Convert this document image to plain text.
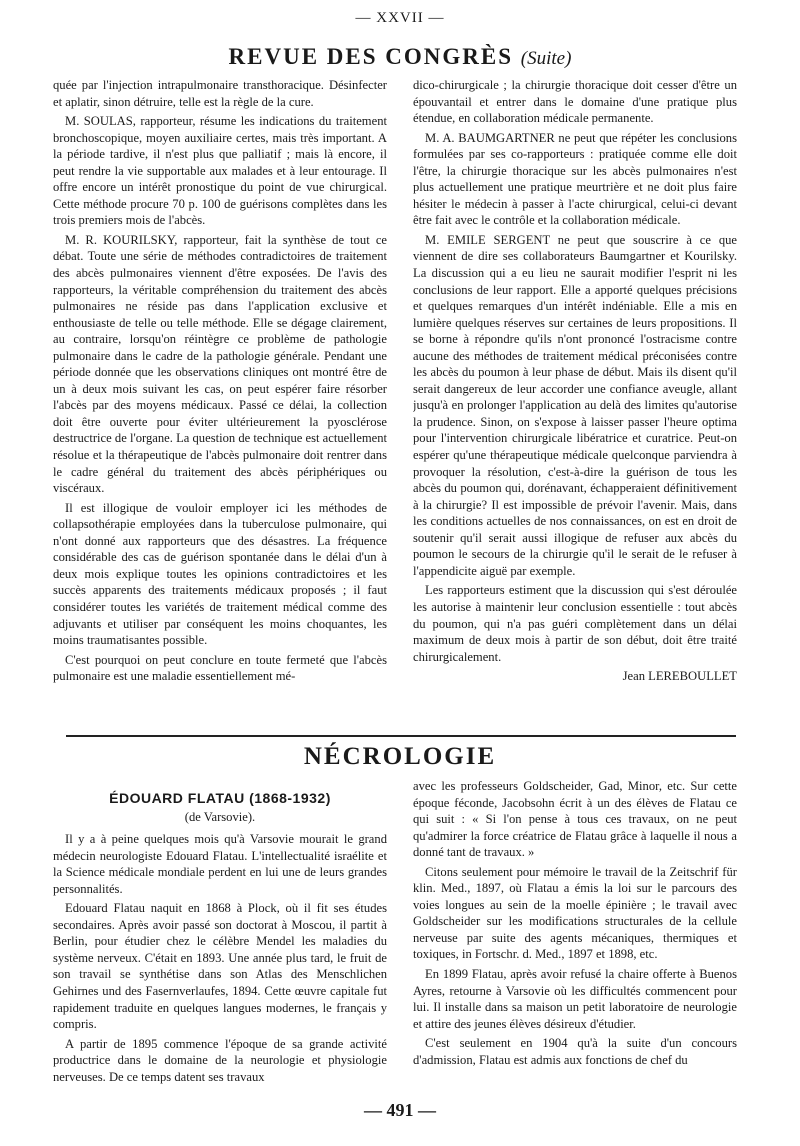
— XXVII —
REVUE DES CONGRÈS (Suite)

quée par l'injection intrapulmonaire transthoracique. Désinfecter et aplatir, sinon détruire, telle est la règle de la cure.

M. SOULAS, rapporteur, résume les indications du traitement bronchoscopique, moyen auxiliaire certes, mais très important. A la période tardive, il n'est plus que palliatif ; mais là encore, il peut rendre la vie supportable aux malades et à leur entourage. Il offre encore un intérêt pronostique du point de vue chirurgical. Cette méthode procure 70 p. 100 de guérisons complètes dans les trois premiers mois de l'abcès.

M. R. KOURILSKY, rapporteur, fait la synthèse de tout ce débat. Toute une série de méthodes contradictoires de traitement des abcès pulmonaires viennent d'être exposées. De l'avis des rapporteurs, la véritable compréhension du traitement des abcès pulmonaires ne réside pas dans l'application exclusive et enthousiaste de telle ou telle méthode. Elle se dégage clairement, au contraire, lorsqu'on réintègre ce problème de pathologie pulmonaire dans le cadre de la pathologie générale. Pendant une période donnée que les observations cliniques ont montré être de un à deux mois suivant les cas, on peut espérer faire résorber l'abcès par des moyens médicaux. Passé ce délai, la collection doit être ouverte pour éviter ultérieurement la pyosclérose destructrice de l'organe. La question de technique est actuellement résolue et la thérapeutique de l'abcès pulmonaire doit rentrer dans le cadre général du traitement des abcès périphériques ou viscéraux.

Il est illogique de vouloir employer ici les méthodes de collapsothérapie employées dans la tuberculose pulmonaire, qui n'ont donné aux rapporteurs que des désastres. La fréquence considérable des cas de guérison spontanée dans le délai d'un à deux mois explique toutes les opinions contradictoires et les succès apparents des traitements médicaux proposés ; il faut considérer toutes les variétés de traitement médical comme des adjuvants et utiliser par conséquent les moins choquantes, les moins traumatisantes possible.

C'est pourquoi on peut conclure en toute fermeté que l'abcès pulmonaire est une maladie essentiellement mé-

dico-chirurgicale ; la chirurgie thoracique doit cesser d'être un épouvantail et entrer dans le domaine d'une pratique plus étendue, en collaboration médicale permanente.

M. A. BAUMGARTNER ne peut que répéter les conclusions formulées par ses co-rapporteurs : pratiquée comme elle doit l'être, la chirurgie thoracique sur les abcès pulmonaires n'est plus actuellement une pratique meurtrière et ne doit plus faire hésiter le médecin à passer à l'acte chirurgical, celui-ci devant être fait avec le contrôle et la collaboration médicale.

M. EMILE SERGENT ne peut que souscrire à ce que viennent de dire ses collaborateurs Baumgartner et Kourilsky. La discussion qui a eu lieu ne saurait modifier l'esprit ni les conclusions de leur rapport. Elle a apporté quelques précisions et quelques remarques d'un intérêt indéniable. Elle a mis en lumière quelques réserves sur certaines de leurs propositions. Il se borne à répondre qu'ils n'ont prononcé l'ostracisme contre aucune des méthodes de traitement médical préconisées contre les abcès du poumon à leur phase de début. Mais ils disent qu'il serait dangereux de leur accorder une confiance aveugle, allant jusqu'à en prolonger l'application au delà des limites qu'autorise la prudence. Sinon, on s'expose à laisser passer l'heure optima pour l'intervention chirurgicale libératrice et curatrice. Peut-on espérer qu'une thérapeutique médicale quelconque parviendra à provoquer la résolution, c'est-à-dire la guérison de tous les abcès du poumon qui, dorénavant, échapperaient définitivement à la chirurgie? Il est impossible de prévoir l'avenir. Mais, dans les conditions actuelles de nos connaissances, on est en droit de soutenir qu'il serait aussi illogique de refuser aux abcès du poumon le secours de la chirurgie qu'il le serait de le refuser à l'appendicite aiguë par exemple.

Les rapporteurs estiment que la discussion qui s'est déroulée les autorise à maintenir leur conclusion essentielle : tout abcès du poumon, qui n'a pas guéri complètement dans un délai maximum de deux mois à partir de son début, doit être traité chirurgicalement.

Jean LEREBOULLET

NÉCROLOGIE
ÉDOUARD FLATAU (1868-1932)
(de Varsovie).

Il y a à peine quelques mois qu'à Varsovie mourait le grand médecin neurologiste Edouard Flatau. L'intellectualité israélite et la Science médicale mondiale perdent en lui une de leurs grandes personnalités.

Edouard Flatau naquit en 1868 à Plock, où il fit ses études secondaires. Après avoir passé son doctorat à Moscou, il partit à Berlin, pour étudier chez le célèbre Mendel les maladies du système nerveux. C'était en 1893. Une année plus tard, le fruit de son travail se synthétise dans son Atlas des Menschlichen Gehirnes und des Fasernverlaufes, 1894. Cette œuvre capitale fut rapidement traduite en quelques langues modernes, le français y compris.

A partir de 1895 commence l'époque de sa grande activité productrice dans le domaine de la neurologie et physiologie nerveuses. De ce temps datent ses travaux

avec les professeurs Goldscheider, Gad, Minor, etc. Sur cette époque féconde, Jacobsohn écrit à un des élèves de Flatau ce qui suit : « Si l'on pense à tous ces travaux, on ne peut qu'admirer la force créatrice de Flatau grâce à laquelle il nous a donné tant de travaux. »

Citons seulement pour mémoire le travail de la Zeitschrif für klin. Med., 1897, où Flatau a émis la loi sur le parcours des voies longues au sein de la moelle épinière ; le travail avec Goldscheider sur les modifications structurales de la cellule nerveuse par suite des agents mécaniques, thermiques et toxiques, in Fortschr. d. Med., 1897 et 1898, etc.

En 1899 Flatau, après avoir refusé la chaire offerte à Buenos Ayres, retourne à Varsovie où les difficultés commencent pour lui. Il installe dans sa maison un petit laboratoire de neurologie et attire des jeunes élèves désireux d'étudier.

C'est seulement en 1904 qu'à la suite d'un concours d'admission, Flatau est admis aux fonctions de chef du

— 491 —
